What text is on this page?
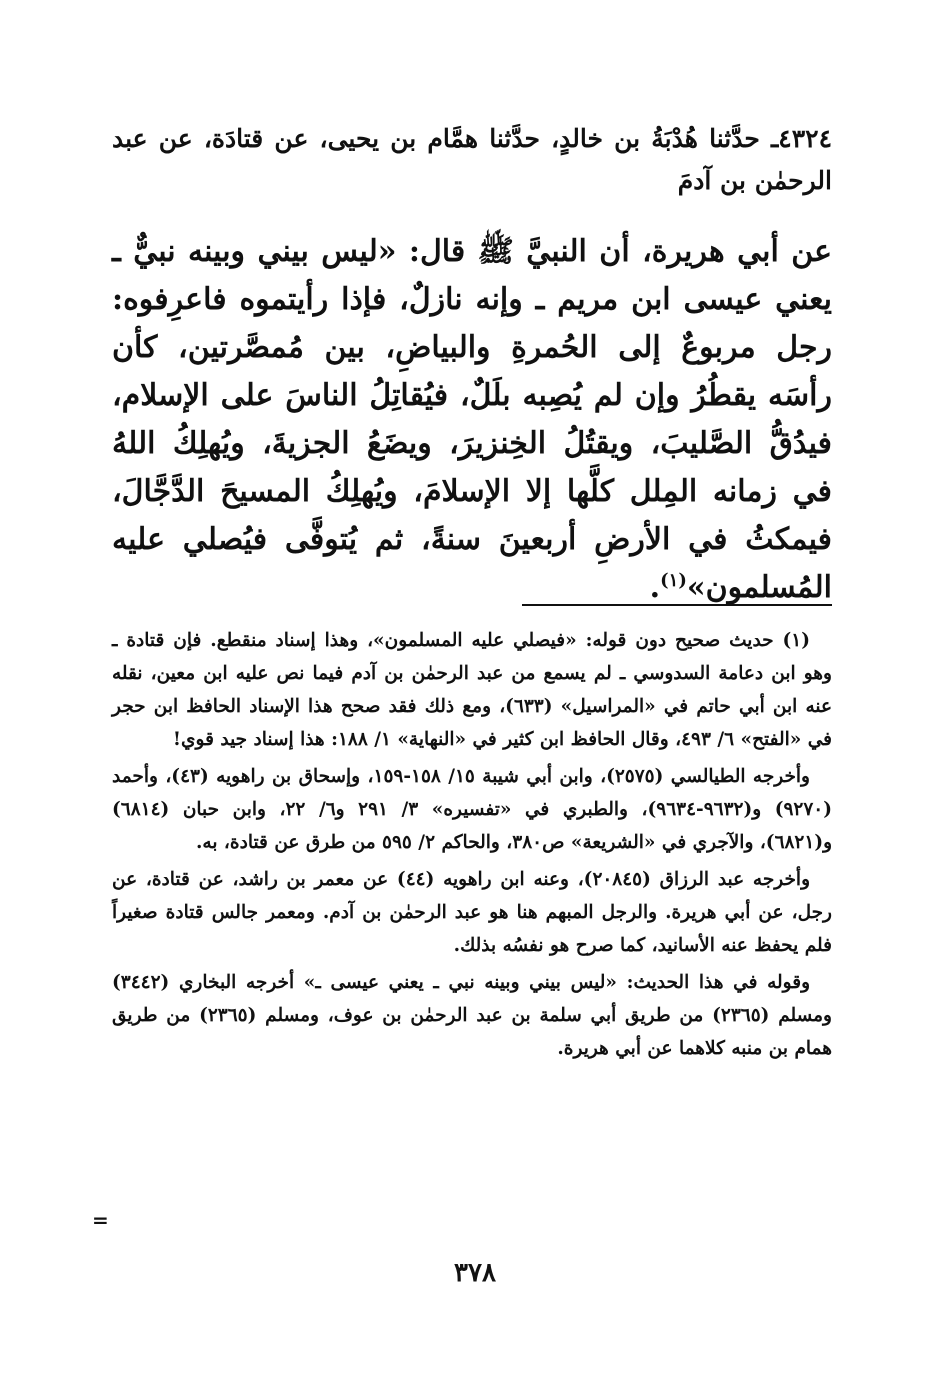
٤٣٢٤ـ حدَّثنا هُدْبَةُ بن خالدٍ، حدَّثنا همَّام بن يحيى، عن قتادَة، عن عبد الرحمٰن بن آدمَ
عن أبي هريرة، أن النبيَّ ﷺ قال: «ليس بيني وبينه نبيٌّ ـ يعني عيسى ابن مريم ـ وإنه نازلٌ، فإذا رأيتموه فاعرِفوه: رجل مربوعٌ إلى الحُمرةِ والبياضِ، بين مُمصَّرتين، كأن رأسَه يقطُرُ وإن لم يُصِبه بلَلٌ، فيُقاتِلُ الناسَ على الإسلام، فيدُقُّ الصَّليبَ، ويقتُلُ الخِنزيرَ، ويضَعُ الجزيةَ، ويُهلِكُ اللهُ في زمانه المِلل كلَّها إلا الإسلامَ، ويُهلِكُ المسيحَ الدَّجَّالَ، فيمكثُ في الأرضِ أربعينَ سنةً، ثم يُتوفَّى فيُصلي عليه المُسلمون»$^{(١)}$.

(١) حديث صحيح دون قوله: «فيصلي عليه المسلمون»، وهذا إسناد منقطع. فإن قتادة ـ وهو ابن دعامة السدوسي ـ لم يسمع من عبد الرحمٰن بن آدم فيما نص عليه ابن معين، نقله عنه ابن أبي حاتم في «المراسيل» (٦٣٣)، ومع ذلك فقد صحح هذا الإسناد الحافظ ابن حجر في «الفتح» ٦/ ٤٩٣، وقال الحافظ ابن كثير في «النهاية» ١/ ١٨٨: هذا إسناد جيد قوي!

وأخرجه الطيالسي (٢٥٧٥)، وابن أبي شيبة ١٥/ ١٥٨-١٥٩، وإسحاق بن راهويه (٤٣)، وأحمد (٩٢٧٠) و(٩٦٣٢-٩٦٣٤)، والطبري في «تفسيره» ٣/ ٢٩١ و٦/ ٢٢، وابن حبان (٦٨١٤) و(٦٨٢١)، والآجري في «الشريعة» ص٣٨٠، والحاكم ٢/ ٥٩٥ من طرق عن قتادة، به.

وأخرجه عبد الرزاق (٢٠٨٤٥)، وعنه ابن راهويه (٤٤) عن معمر بن راشد، عن قتادة، عن رجل، عن أبي هريرة. والرجل المبهم هنا هو عبد الرحمٰن بن آدم. ومعمر جالس قتادة صغيراً فلم يحفظ عنه الأسانيد، كما صرح هو نفسُه بذلك.

وقوله في هذا الحديث: «ليس بيني وبينه نبي ـ يعني عيسى ـ» أخرجه البخاري (٣٤٤٢) ومسلم (٢٣٦٥) من طريق أبي سلمة بن عبد الرحمٰن بن عوف، ومسلم (٢٣٦٥) من طريق همام بن منبه كلاهما عن أبي هريرة.

=
٣٧٨
